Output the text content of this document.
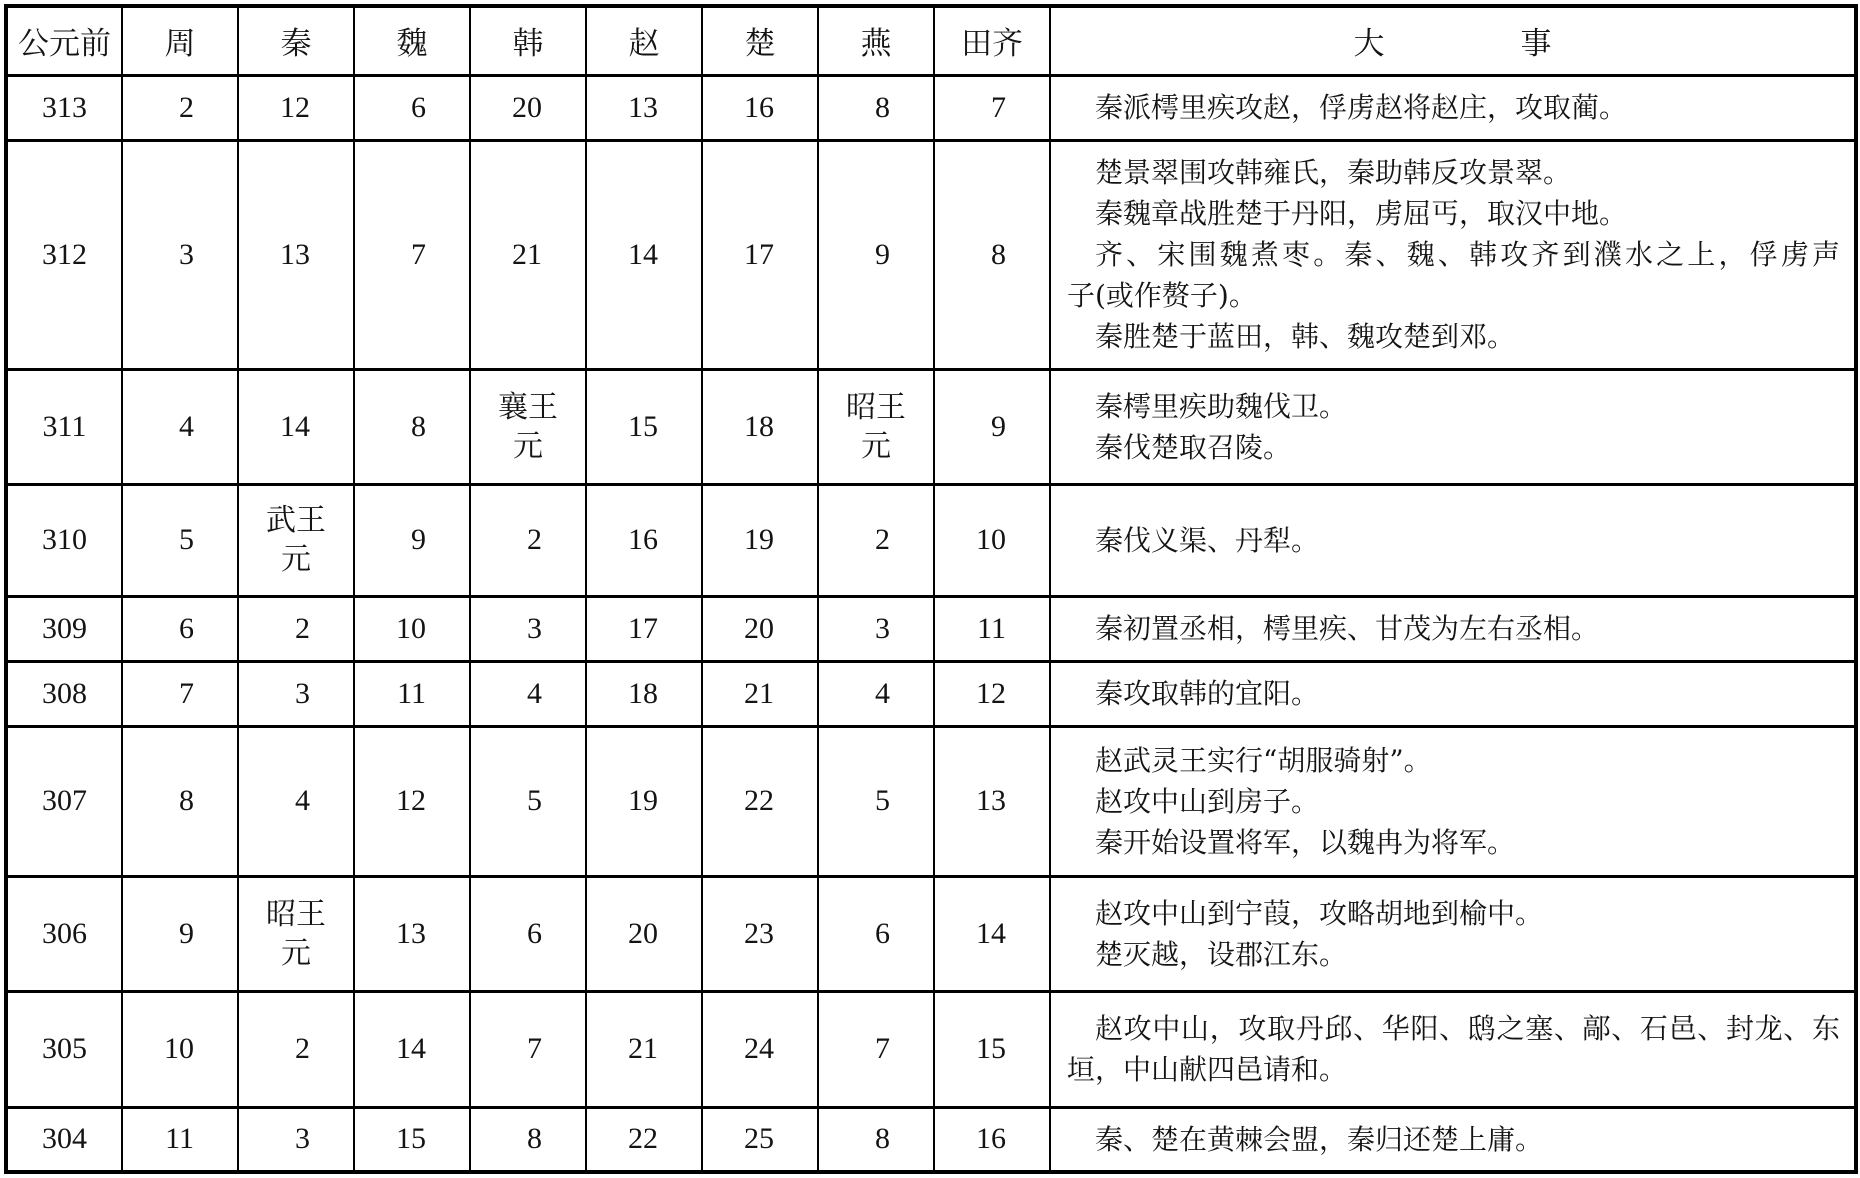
公元前	周	秦	魏	韩	赵	楚	燕	田齐	大事
313	2	12	6	20	13	16	8	7	秦派樗里疾攻赵，俘虏赵将赵庄，攻取蔺。

312	3	13	7	21	14	17	9	8	楚景翠围攻韩雍氏，秦助韩反攻景翠。
秦魏章战胜楚于丹阳，虏屈丐，取汉中地。
齐、宋围魏煮枣。秦、魏、韩攻齐到濮水之上，俘虏声
子(或作赘子)。
秦胜楚于蓝田，韩、魏攻楚到邓。

311	4	14	8	襄王元	15	18	昭王元	9	秦樗里疾助魏伐卫。
秦伐楚取召陵。

310	5	武王元	9	2	16	19	2	10	秦伐义渠、丹犁。

309	6	2	10	3	17	20	3	11	秦初置丞相，樗里疾、甘茂为左右丞相。

308	7	3	11	4	18	21	4	12	秦攻取韩的宜阳。

307	8	4	12	5	19	22	5	13	赵武灵王实行“胡服骑射”。
赵攻中山到房子。
秦开始设置将军，以魏冉为将军。

306	9	昭王元	13	6	20	23	6	14	赵攻中山到宁葭，攻略胡地到榆中。
楚灭越，设郡江东。

305	10	2	14	7	21	24	7	15	赵攻中山，攻取丹邱、华阳、鸱之塞、鄗、石邑、封龙、东
垣，中山献四邑请和。

304	11	3	15	8	22	25	8	16	秦、楚在黄棘会盟，秦归还楚上庸。
